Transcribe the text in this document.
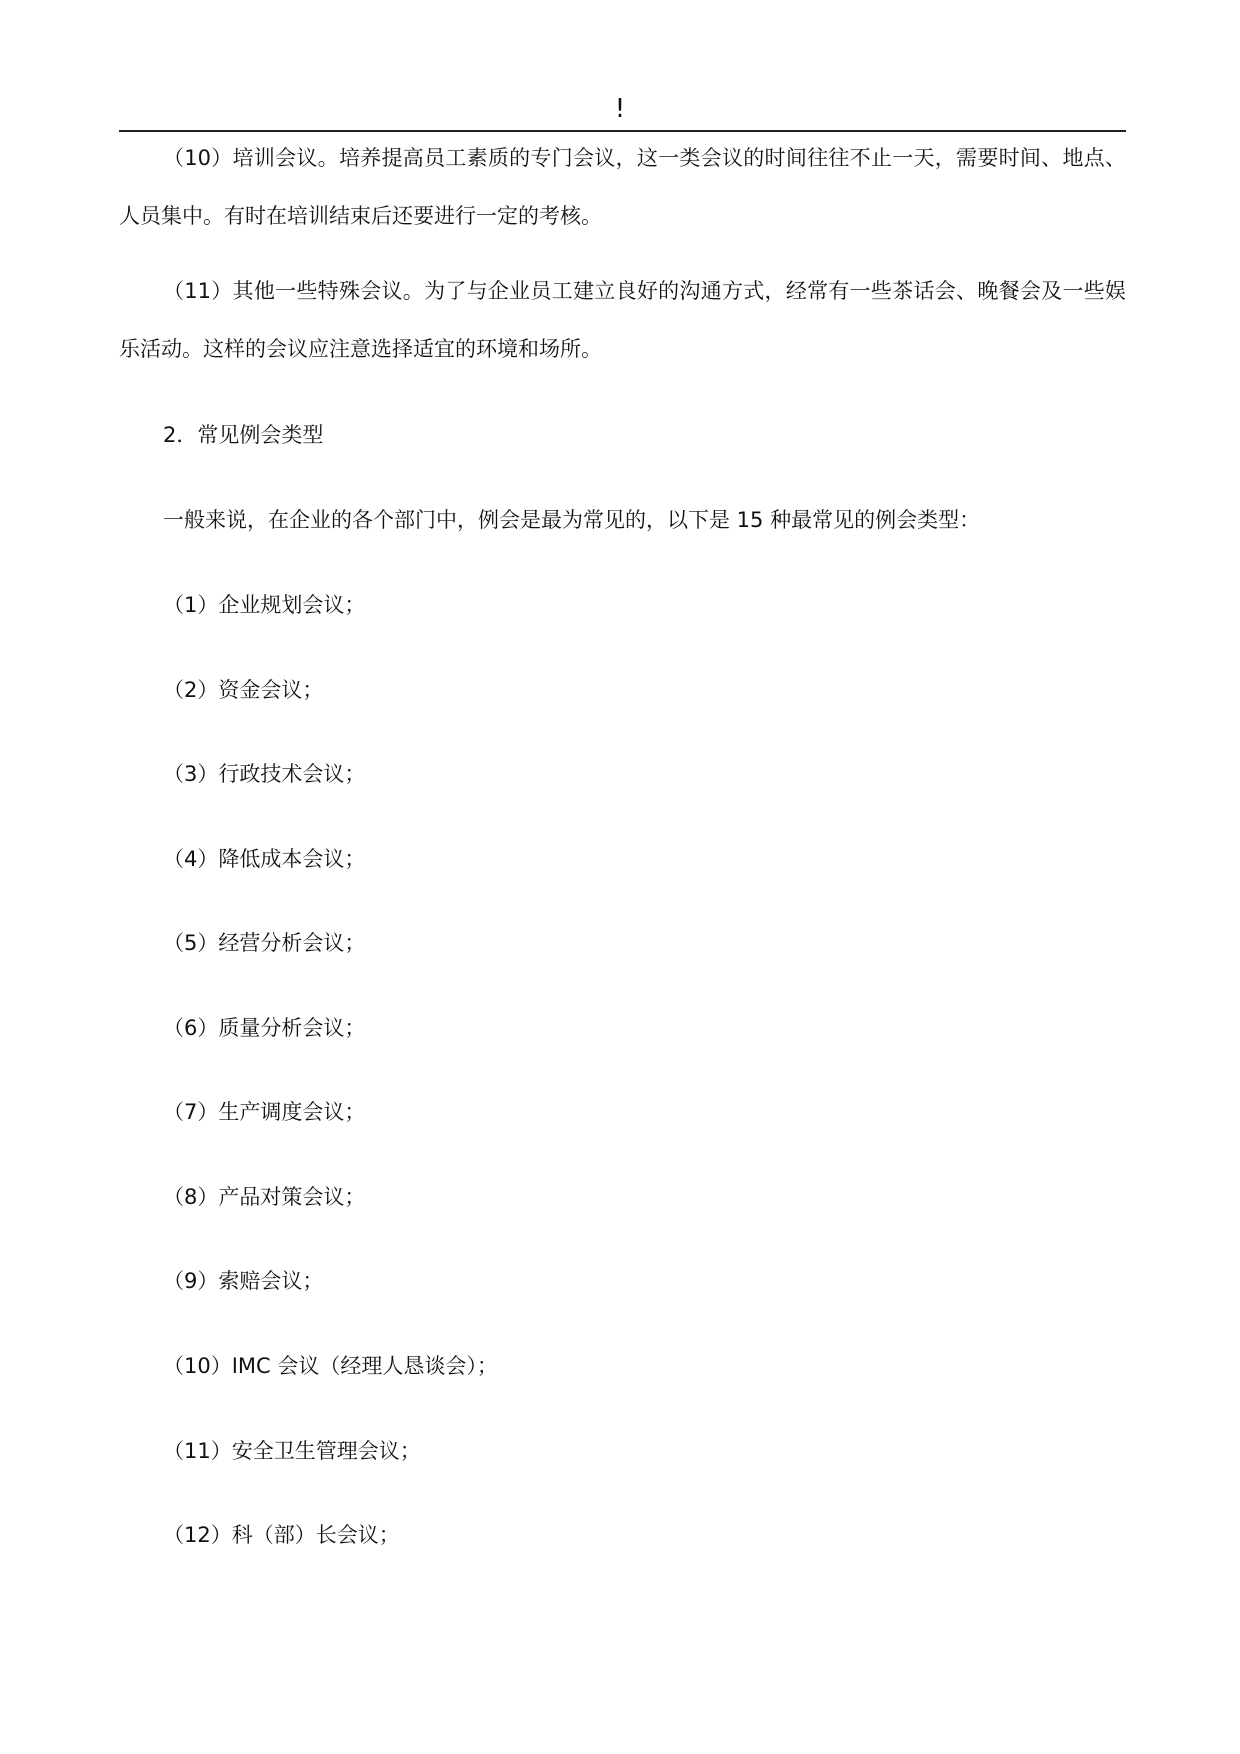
!

（10）培训会议。培养提高员工素质的专门会议，这一类会议的时间往往不止一天，需要时间、地点、人员集中。有时在培训结束后还要进行一定的考核。

（11）其他一些特殊会议。为了与企业员工建立良好的沟通方式，经常有一些茶话会、晚餐会及一些娱乐活动。这样的会议应注意选择适宜的环境和场所。

2．常见例会类型

一般来说，在企业的各个部门中，例会是最为常见的，以下是 15 种最常见的例会类型：

（1）企业规划会议；

（2）资金会议；

（3）行政技术会议；

（4）降低成本会议；

（5）经营分析会议；

（6）质量分析会议；

（7）生产调度会议；

（8）产品对策会议；

（9）索赔会议；

（10）IMC 会议（经理人恳谈会）；

（11）安全卫生管理会议；

（12）科（部）长会议；
